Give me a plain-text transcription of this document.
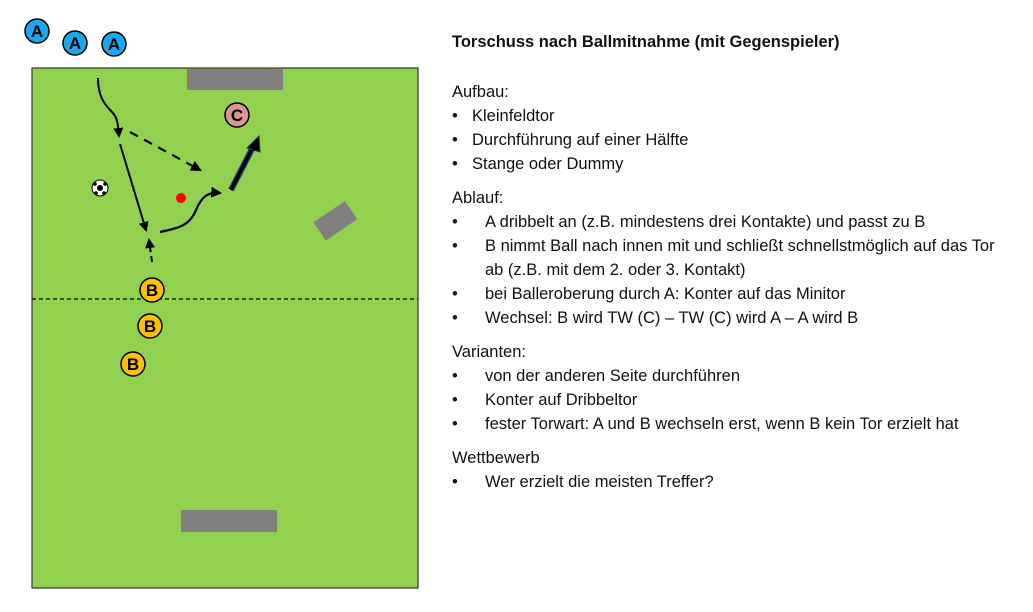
A
A A
B
B
B
C
Torschuss nach Ballmitnahme (mit Gegenspieler)
Aufbau:
• Kleinfeldtor
• Durchführung auf einer Hälfte
• Stange oder Dummy
Ablauf:
• A dribbelt an (z.B. mindestens drei Kontakte) und passt zu B
• B nimmt Ball nach innen mit und schließt schnellstmöglich auf das Tor ab (z.B. mit dem 2. oder 3. Kontakt)
• bei Balleroberung durch A: Konter auf das Minitor
• Wechsel: B wird TW (C) – TW (C) wird A – A wird B
Varianten:
• von der anderen Seite durchführen
• Konter auf Dribbeltor
• fester Torwart: A und B wechseln erst, wenn B kein Tor erzielt hat
Wettbewerb
• Wer erzielt die meisten Treffer?
